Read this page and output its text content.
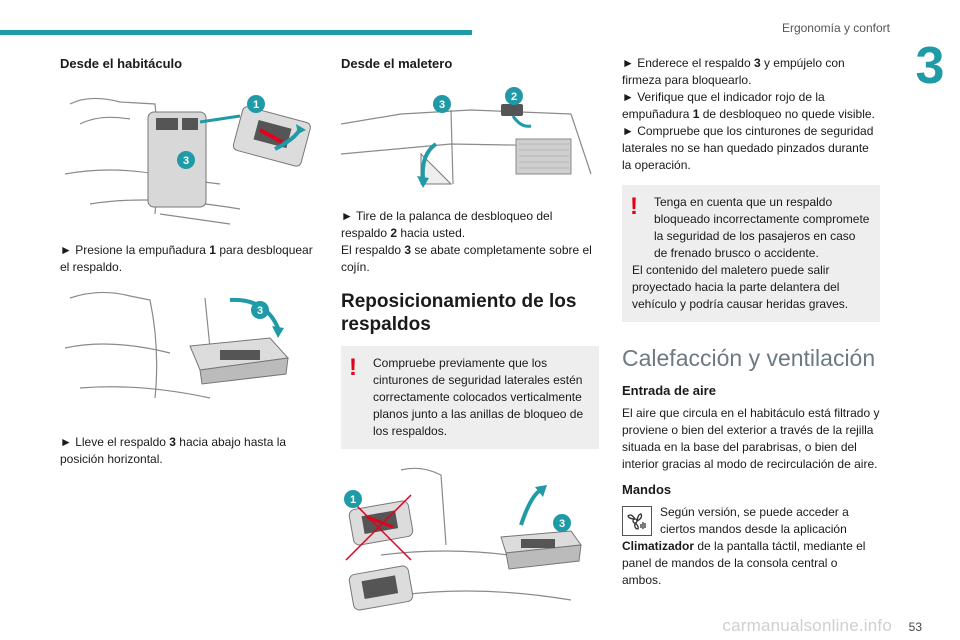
Ergonomía y confort
3
Desde el habitáculo
1
3

► Presione la empuñadura 1 para desbloquear el respaldo.

3

► Lleve el respaldo 3 hacia abajo hasta la posición horizontal.

Desde el maletero
3
2

► Tire de la palanca de desbloqueo del respaldo 2 hacia usted.

El respaldo 3 se abate completamente sobre el cojín.

Reposicionamiento de los respaldos
!	Compruebe previamente que los cinturones de seguridad laterales estén correctamente colocados verticalmente planos junto a las anillas de bloqueo de los respaldos.

1
3

► Enderece el respaldo 3 y empújelo con firmeza para bloquearlo.

► Verifique que el indicador rojo de la empuñadura 1 de desbloqueo no quede visible.

► Compruebe que los cinturones de seguridad laterales no se han quedado pinzados durante la operación.

!	Tenga en cuenta que un respaldo bloqueado incorrectamente compromete la seguridad de los pasajeros en caso de frenado brusco o accidente.

El contenido del maletero puede salir proyectado hacia la parte delantera del vehículo y podría causar heridas graves.

Calefacción y ventilación
Entrada de aire

El aire que circula en el habitáculo está filtrado y proviene o bien del exterior a través de la rejilla situada en la base del parabrisas, o bien del interior gracias al modo de recirculación de aire.

Mandos

Según versión, se puede acceder a ciertos mandos desde la aplicación Climatizador de la pantalla táctil, mediante el panel de mandos de la consola central o ambos.

carmanualsonline.info 53
